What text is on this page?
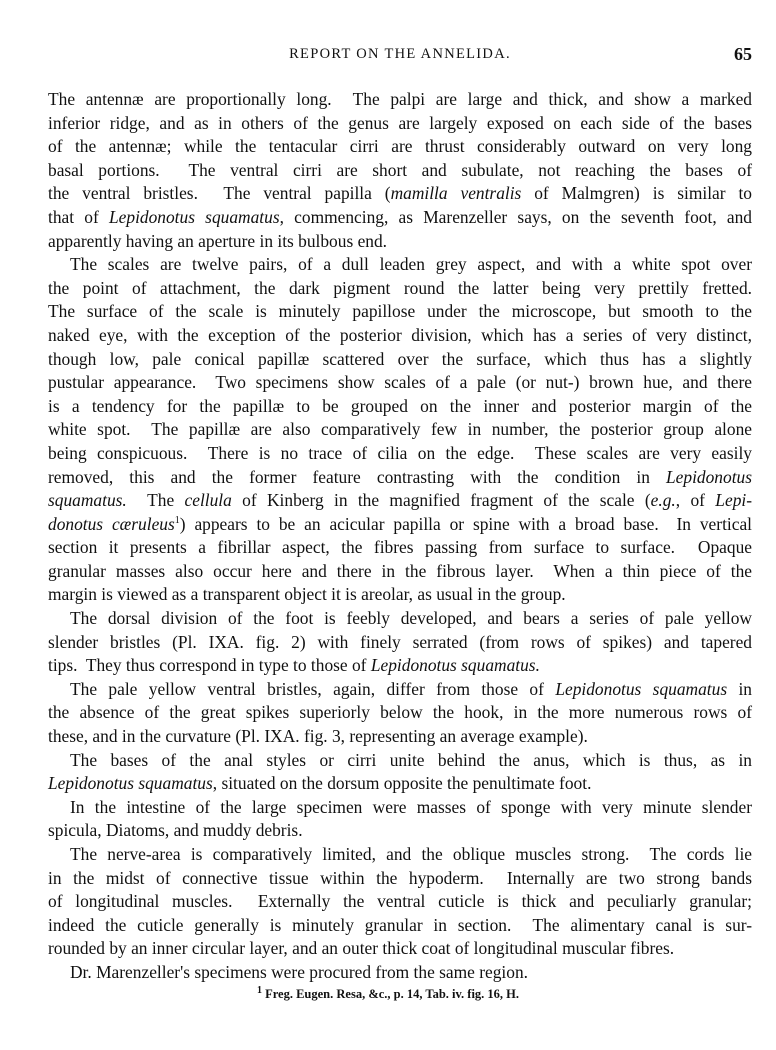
REPORT ON THE ANNELIDA.	65
The antennæ are proportionally long.  The palpi are large and thick, and show a marked
inferior ridge, and as in others of the genus are largely exposed on each side of the bases
of the antennæ; while the tentacular cirri are thrust considerably outward on very long
basal portions.  The ventral cirri are short and subulate, not reaching the bases of
the ventral bristles.  The ventral papilla (mamilla ventralis of Malmgren) is similar to
that of Lepidonotus squamatus, commencing, as Marenzeller says, on the seventh foot, and
apparently having an aperture in its bulbous end.
The scales are twelve pairs, of a dull leaden grey aspect, and with a white spot over
the point of attachment, the dark pigment round the latter being very prettily fretted.
The surface of the scale is minutely papillose under the microscope, but smooth to the
naked eye, with the exception of the posterior division, which has a series of very distinct,
though low, pale conical papillæ scattered over the surface, which thus has a slightly
pustular appearance.  Two specimens show scales of a pale (or nut-) brown hue, and there
is a tendency for the papillæ to be grouped on the inner and posterior margin of the
white spot.  The papillæ are also comparatively few in number, the posterior group alone
being conspicuous.  There is no trace of cilia on the edge.  These scales are very easily
removed, this and the former feature contrasting with the condition in Lepidonotus
squamatus.  The cellula of Kinberg in the magnified fragment of the scale (e.g., of Lepi-
donotus cæruleus$^1$) appears to be an acicular papilla or spine with a broad base.  In vertical
section it presents a fibrillar aspect, the fibres passing from surface to surface.  Opaque
granular masses also occur here and there in the fibrous layer.  When a thin piece of the
margin is viewed as a transparent object it is areolar, as usual in the group.
The dorsal division of the foot is feebly developed, and bears a series of pale yellow
slender bristles (Pl. IXA. fig. 2) with finely serrated (from rows of spikes) and tapered
tips.  They thus correspond in type to those of Lepidonotus squamatus.
The pale yellow ventral bristles, again, differ from those of Lepidonotus squamatus in
the absence of the great spikes superiorly below the hook, in the more numerous rows of
these, and in the curvature (Pl. IXA. fig. 3, representing an average example).
The bases of the anal styles or cirri unite behind the anus, which is thus, as in
Lepidonotus squamatus, situated on the dorsum opposite the penultimate foot.
In the intestine of the large specimen were masses of sponge with very minute slender
spicula, Diatoms, and muddy debris.
The nerve-area is comparatively limited, and the oblique muscles strong.  The cords lie
in the midst of connective tissue within the hypoderm.  Internally are two strong bands
of longitudinal muscles.  Externally the ventral cuticle is thick and peculiarly granular;
indeed the cuticle generally is minutely granular in section.  The alimentary canal is sur-
rounded by an inner circular layer, and an outer thick coat of longitudinal muscular fibres.
Dr. Marenzeller's specimens were procured from the same region.
$^1$ Freg. Eugen. Resa, &c., p. 14, Tab. iv. fig. 16, H.
